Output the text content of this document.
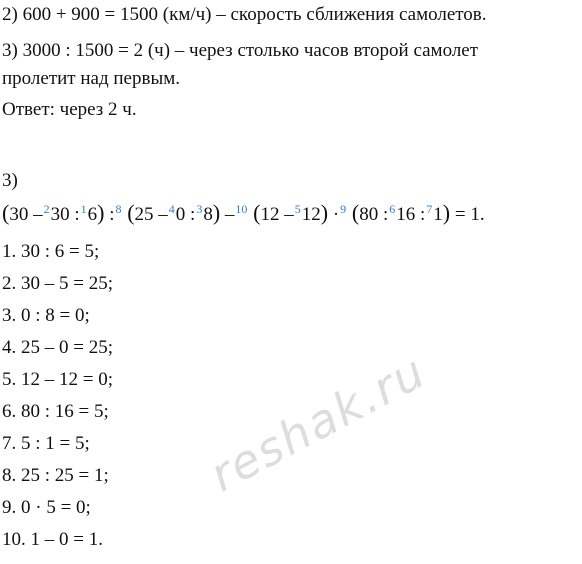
2) 600 + 900 = 1500 (км/ч) – скорость сближения самолетов.
3) 3000 : 1500 = 2 (ч) – через столько часов второй самолет
пролетит над первым.
Ответ: через 2 ч.
3)
(30 –$^2$30 :$^1$6) :$^8$ (25 –$^4$0 :$^3$8) –$^{10}$ (12 –$^5$12) ·$^9$ (80 :$^6$16 :$^7$1) = 1.
1. 30 : 6 = 5;
2. 30 – 5 = 25;
3. 0 : 8 = 0;
4. 25 – 0 = 25;
5. 12 – 12 = 0;
6. 80 : 16 = 5;
7. 5 : 1 = 5;
8. 25 : 25 = 1;
9. 0 · 5 = 0;
10. 1 – 0 = 1.
reshak.ru
